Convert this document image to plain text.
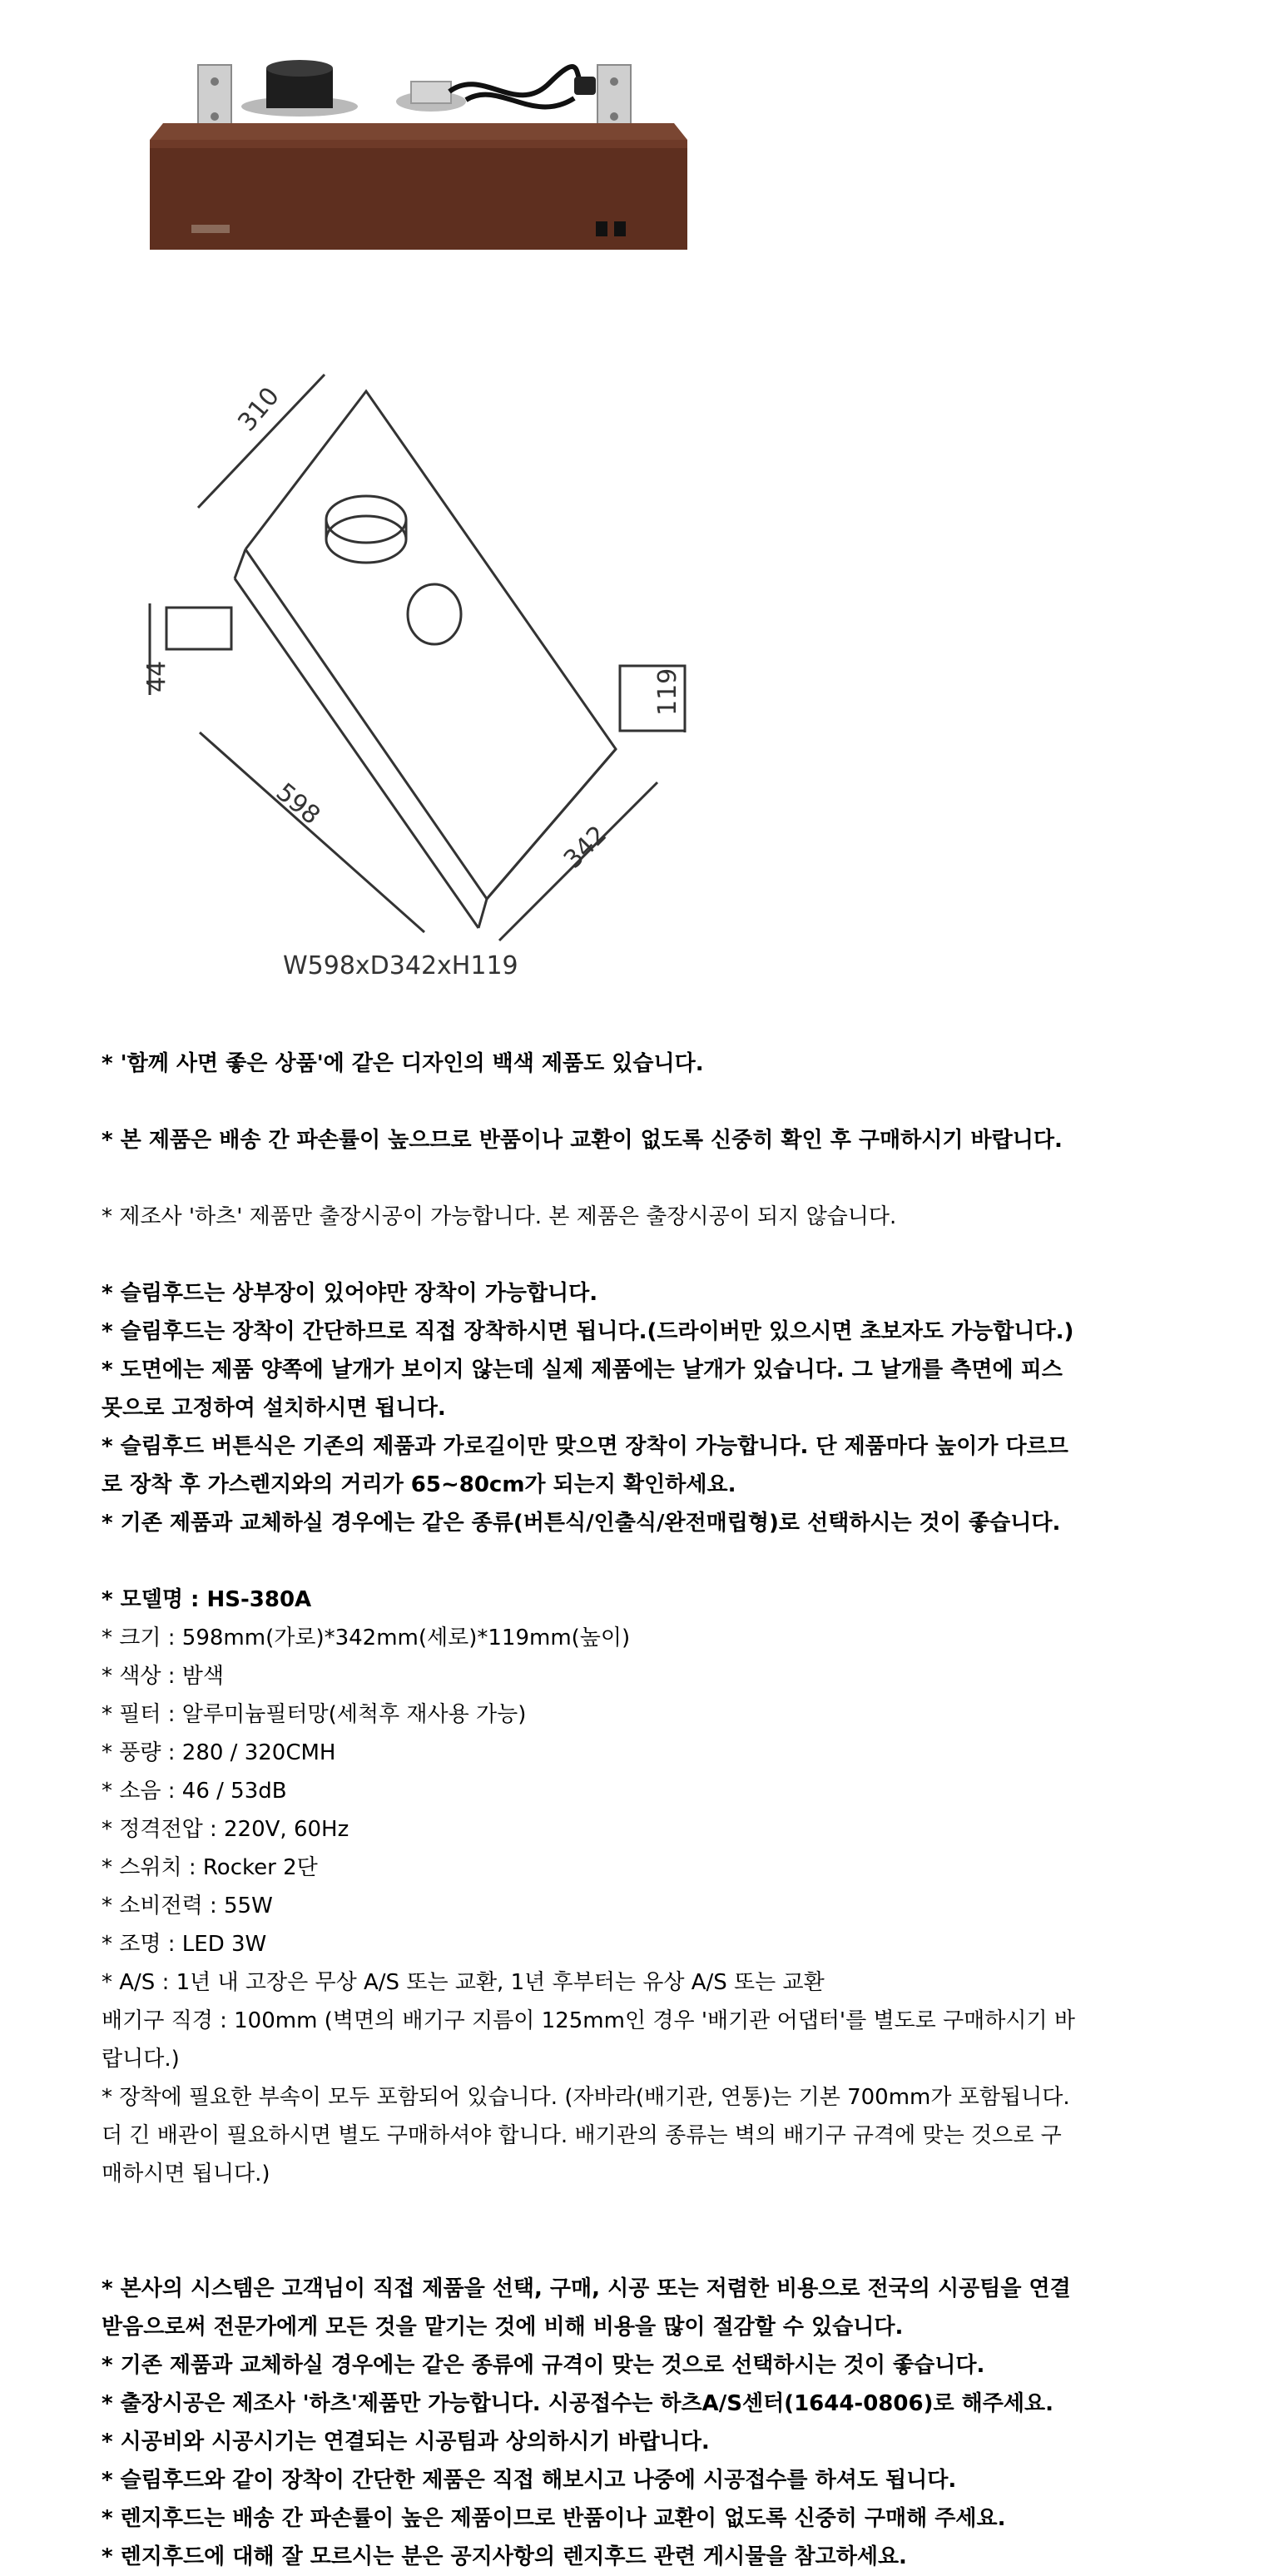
310
44
598
342
119
W598xD342xH119

* '함께 사면 좋은 상품'에 같은 디자인의 백색 제품도 있습니다.

* 본 제품은 배송 간 파손률이 높으므로 반품이나 교환이 없도록 신중히 확인 후 구매하시기 바랍니다.

* 제조사 '하츠' 제품만 출장시공이 가능합니다. 본 제품은 출장시공이 되지 않습니다.

* 슬림후드는 상부장이 있어야만 장착이 가능합니다.

* 슬림후드는 장착이 간단하므로 직접 장착하시면 됩니다.(드라이버만 있으시면 초보자도 가능합니다.)

* 도면에는 제품 양쪽에 날개가 보이지 않는데 실제 제품에는 날개가 있습니다. 그 날개를 측면에 피스

못으로 고정하여 설치하시면 됩니다.

* 슬림후드 버튼식은 기존의 제품과 가로길이만 맞으면 장착이 가능합니다. 단 제품마다 높이가 다르므

로 장착 후 가스렌지와의 거리가 65~80cm가 되는지 확인하세요.

* 기존 제품과 교체하실 경우에는 같은 종류(버튼식/인출식/완전매립형)로 선택하시는 것이 좋습니다.

* 모델명 : HS-380A

* 크기 : 598mm(가로)*342mm(세로)*119mm(높이)

* 색상 : 밤색

* 필터 : 알루미늄필터망(세척후 재사용 가능)

* 풍량 : 280 / 320CMH

* 소음 : 46 / 53dB

* 정격전압 : 220V, 60Hz

* 스위치 : Rocker 2단

* 소비전력 : 55W

* 조명 : LED 3W

* A/S : 1년 내 고장은 무상 A/S 또는 교환, 1년 후부터는 유상 A/S 또는 교환

배기구 직경 : 100mm (벽면의 배기구 지름이 125mm인 경우 '배기관 어댑터'를 별도로 구매하시기 바

랍니다.)

* 장착에 필요한 부속이 모두 포함되어 있습니다. (자바라(배기관, 연통)는 기본 700mm가 포함됩니다.

더 긴 배관이 필요하시면 별도 구매하셔야 합니다. 배기관의 종류는 벽의 배기구 규격에 맞는 것으로 구

매하시면 됩니다.)

* 본사의 시스템은 고객님이 직접 제품을 선택, 구매, 시공 또는 저렴한 비용으로 전국의 시공팀을 연결

받음으로써 전문가에게 모든 것을 맡기는 것에 비해 비용을 많이 절감할 수 있습니다.

* 기존 제품과 교체하실 경우에는 같은 종류에 규격이 맞는 것으로 선택하시는 것이 좋습니다.

* 출장시공은 제조사 '하츠'제품만 가능합니다. 시공접수는 하츠A/S센터(1644-0806)로 해주세요.

* 시공비와 시공시기는 연결되는 시공팀과 상의하시기 바랍니다.

* 슬림후드와 같이 장착이 간단한 제품은 직접 해보시고 나중에 시공접수를 하셔도 됩니다.

* 렌지후드는 배송 간 파손률이 높은 제품이므로 반품이나 교환이 없도록 신중히 구매해 주세요.

* 렌지후드에 대해 잘 모르시는 분은 공지사항의 렌지후드 관련 게시물을 참고하세요.
